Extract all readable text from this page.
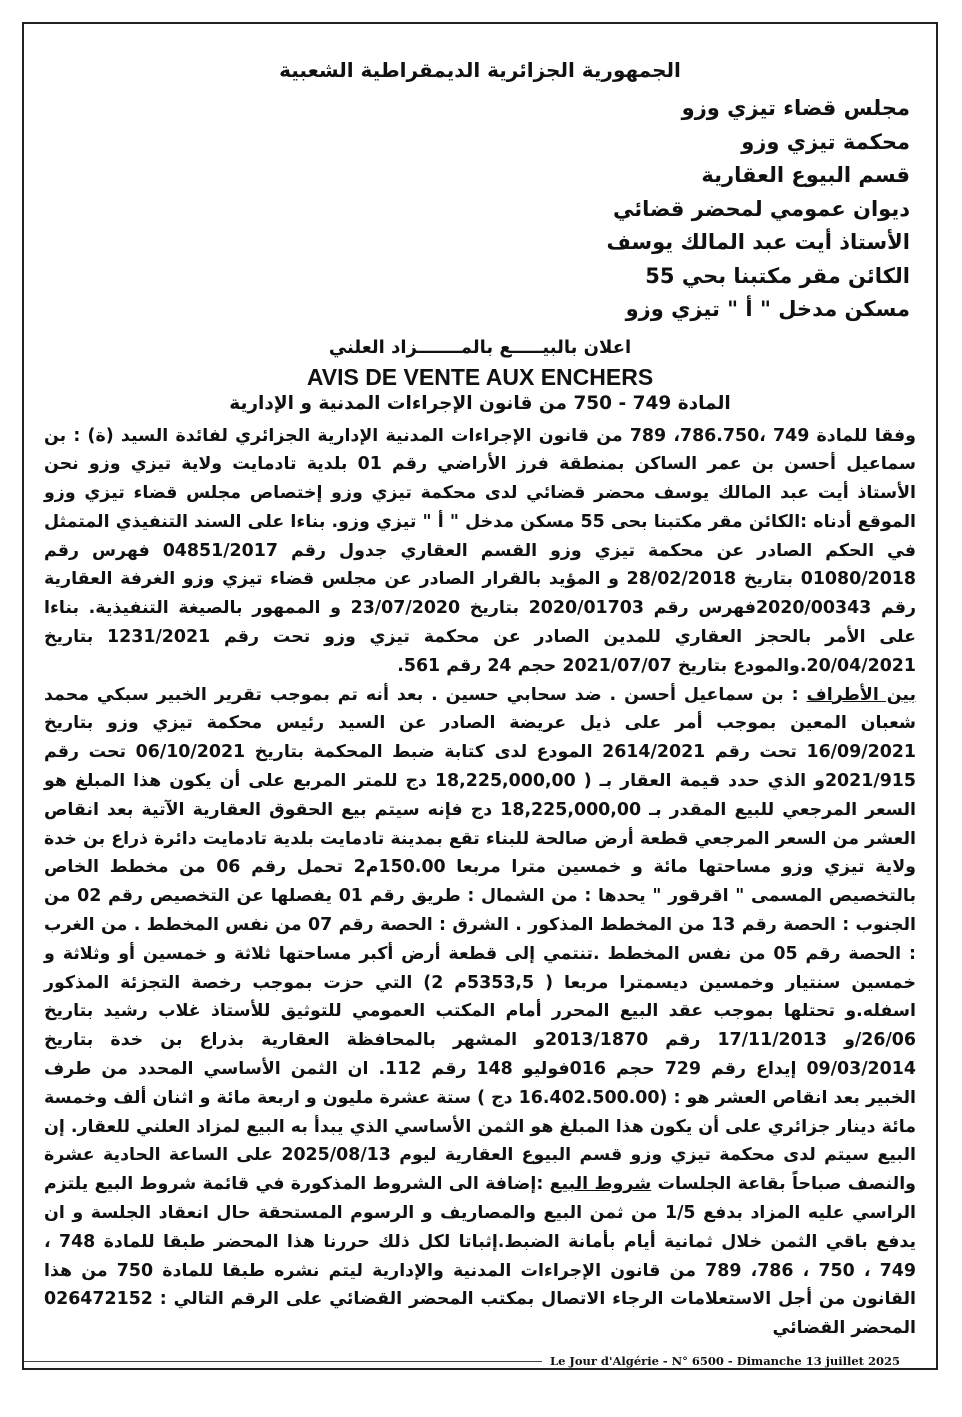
الجمهورية الجزائرية الديمقراطية الشعبية
مجلس قضاء تيزي وزو
محكمة تيزي وزو
قسم البيوع العقارية
ديوان عمومي لمحضر قضائي
الأستاذ أيت عبد المالك يوسف
الكائن مقر مكتبنا بحي 55
مسكن مدخل " أ " تيزي وزو
اعلان بالبيـــــع بالمـــــــزاد العلني
AVIS DE VENTE AUX ENCHERS
المادة 749 - 750 من قانون الإجراءات المدنية و الإدارية

وفقا للمادة 749 ،786.750، 789 من قانون الإجراءات المدنية الإدارية الجزائري لفائدة السيد (ة) : بن سماعيل أحسن بن عمر الساكن بمنطقة فرز الأراضي رقم 01 بلدية تادمايت ولاية تيزي وزو نحن الأستاذ أيت عبد المالك يوسف محضر قضائي لدى محكمة تيزي وزو إختصاص مجلس قضاء تيزي وزو الموقع أدناه :الكائن مقر مكتبنا بحى 55 مسكن مدخل " أ " تيزي وزو. بناءا على السند التنفيذي المتمثل في الحكم الصادر عن محكمة تيزي وزو القسم العقاري جدول رقم 04851/2017 فهرس رقم 01080/2018 بتاريخ 28/02/2018 و المؤيد بالقرار الصادر عن مجلس قضاء تيزي وزو الغرفة العقارية رقم 2020/00343فهرس رقم 2020/01703 بتاريخ 23/07/2020 و الممهور بالصيغة التنفيذية. بناءا على الأمر بالحجز العقاري للمدين الصادر عن محكمة تيزي وزو تحت رقم 1231/2021 بتاريخ 20/04/2021.والمودع بتاريخ 2021/07/07 حجم 24 رقم 561.

بين الأطراف : بن سماعيل أحسن . ضد سحابي حسين . بعد أنه تم بموجب تقرير الخبير سبكي محمد شعبان المعين بموجب أمر على ذيل عريضة الصادر عن السيد رئيس محكمة تيزي وزو بتاريخ 16/09/2021 تحت رقم 2614/2021 المودع لدى كتابة ضبط المحكمة بتاريخ 06/10/2021 تحت رقم 2021/915و الذي حدد قيمة العقار بـ ( 18,225,000,00 دج للمتر المربع على أن يكون هذا المبلغ هو السعر المرجعي للبيع المقدر بـ 18,225,000,00 دج فإنه سيتم بيع الحقوق العقارية الآتية بعد انقاص العشر من السعر المرجعي قطعة أرض صالحة للبناء تقع بمدينة تادمايت بلدية تادمايت دائرة ذراع بن خدة ولاية تيزي وزو مساحتها مائة و خمسين مترا مربعا 150.00م2 تحمل رقم 06 من مخطط الخاص بالتخصيص المسمى " اقرقور " يحدها : من الشمال : طريق رقم 01 يفصلها عن التخصيص رقم 02 من الجنوب : الحصة رقم 13 من المخطط المذكور . الشرق : الحصة رقم 07 من نفس المخطط . من الغرب : الحصة رقم 05 من نفس المخطط .تنتمي إلى قطعة أرض أكبر مساحتها ثلاثة و خمسين أو وثلاثة و خمسين سنتيار وخمسين ديسمترا مربعا ( 5353,5م 2) التي حزت بموجب رخصة التجزئة المذكور اسفله.و تحتلها بموجب عقد البيع المحرر أمام المكتب العمومي للتوثيق للأستاذ غلاب رشيد بتاريخ 26/06/و 17/11/2013 رقم 2013/1870و المشهر بالمحافظة العقارية بذراع بن خدة بتاريخ 09/03/2014 إيداع رقم 729 حجم 016فوليو 148 رقم 112. ان الثمن الأساسي المحدد من طرف الخبير بعد انقاص العشر هو : (16.402.500.00 دج ) ستة عشرة مليون و اربعة مائة و اثنان ألف وخمسة مائة دينار جزائري على أن يكون هذا المبلغ هو الثمن الأساسي الذي يبدأ به البيع لمزاد العلني للعقار. إن البيع سيتم لدى محكمة تيزي وزو قسم البيوع العقارية ليوم 2025/08/13 على الساعة الحادية عشرة والنصف صباحاً بقاعة الجلسات شروط البيع :إضافة الى الشروط المذكورة في قائمة شروط البيع يلتزم الراسي عليه المزاد بدفع 1/5 من ثمن البيع والمصاريف و الرسوم المستحقة حال انعقاد الجلسة و ان يدفع باقي الثمن خلال ثمانية أيام بأمانة الضبط.إثباتا لكل ذلك حررنا هذا المحضر طبقا للمادة 748 ، 749 ، 750 ، 786، 789 من قانون الإجراءات المدنية والإدارية ليتم نشره طبقا للمادة 750 من هذا القانون من أجل الاستعلامات الرجاء الاتصال بمكتب المحضر القضائي على الرقم التالي : 026472152 المحضر القضائي

Le Jour d'Algérie - N° 6500 - Dimanche 13 juillet 2025
